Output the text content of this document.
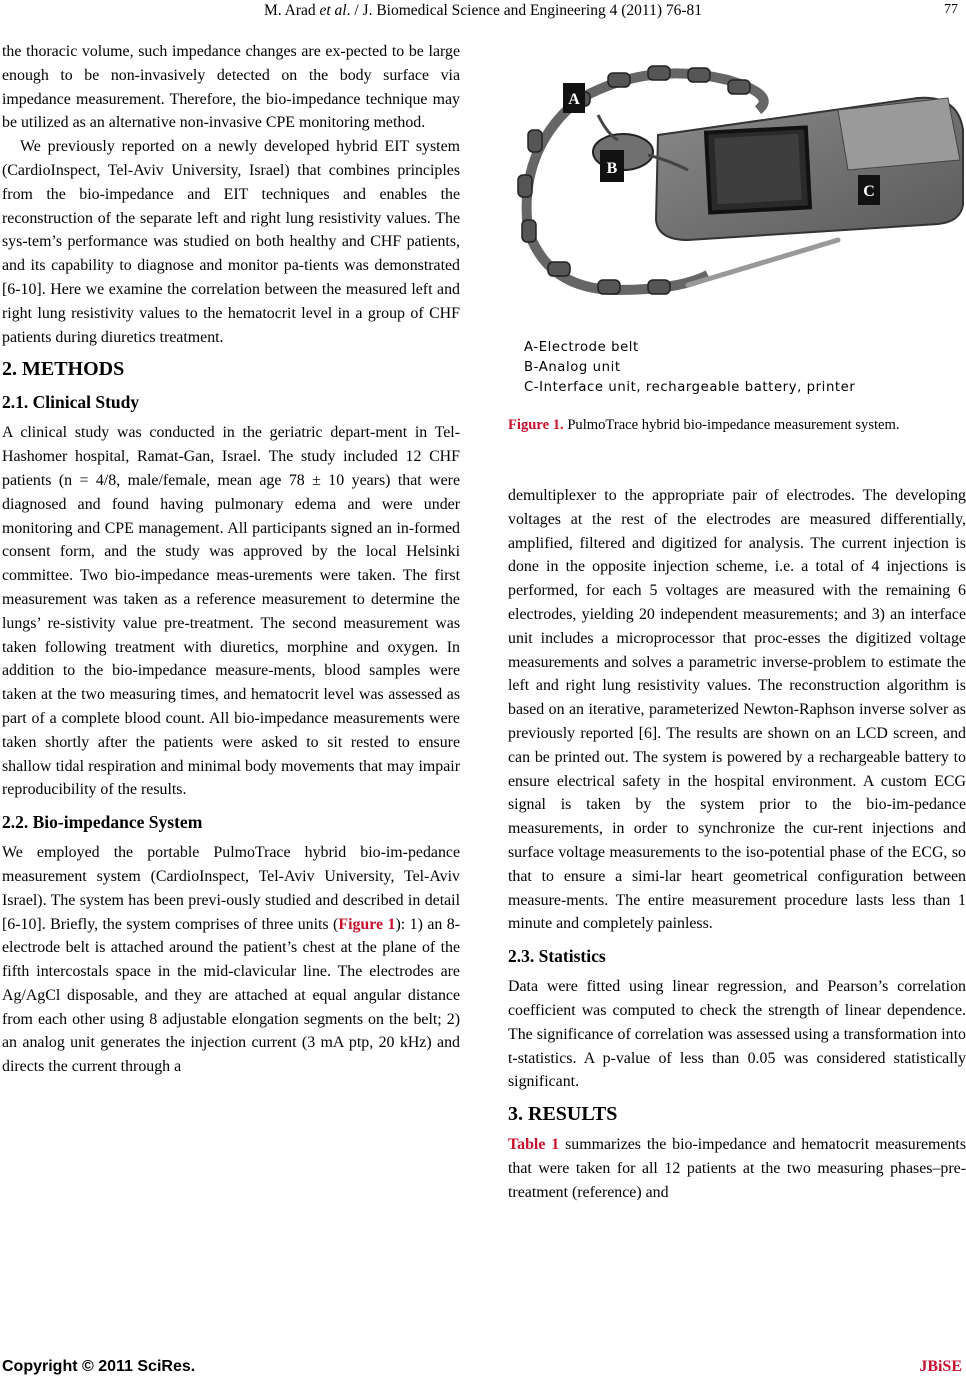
M. Arad et al. / J. Biomedical Science and Engineering 4 (2011) 76-81	77

the thoracic volume, such impedance changes are ex-pected to be large enough to be non-invasively detected on the body surface via impedance measurement. Therefore, the bio-impedance technique may be utilized as an alternative non-invasive CPE monitoring method.

We previously reported on a newly developed hybrid EIT system (CardioInspect, Tel-Aviv University, Israel) that combines principles from the bio-impedance and EIT techniques and enables the reconstruction of the separate left and right lung resistivity values. The sys-tem’s performance was studied on both healthy and CHF patients, and its capability to diagnose and monitor pa-tients was demonstrated [6-10]. Here we examine the correlation between the measured left and right lung resistivity values to the hematocrit level in a group of CHF patients during diuretics treatment.

2. METHODS
2.1. Clinical Study

A clinical study was conducted in the geriatric depart-ment in Tel-Hashomer hospital, Ramat-Gan, Israel. The study included 12 CHF patients (n = 4/8, male/female, mean age 78 ± 10 years) that were diagnosed and found having pulmonary edema and were under monitoring and CPE management. All participants signed an in-formed consent form, and the study was approved by the local Helsinki committee. Two bio-impedance meas-urements were taken. The first measurement was taken as a reference measurement to determine the lungs’ re-sistivity value pre-treatment. The second measurement was taken following treatment with diuretics, morphine and oxygen. In addition to the bio-impedance measure-ments, blood samples were taken at the two measuring times, and hematocrit level was assessed as part of a complete blood count. All bio-impedance measurements were taken shortly after the patients were asked to sit rested to ensure shallow tidal respiration and minimal body movements that may impair reproducibility of the results.

2.2. Bio-impedance System

We employed the portable PulmoTrace hybrid bio-im-pedance measurement system (CardioInspect, Tel-Aviv University, Tel-Aviv Israel). The system has been previ-ously studied and described in detail [6-10]. Briefly, the system comprises of three units (Figure 1): 1) an 8-electrode belt is attached around the patient’s chest at the plane of the fifth intercostals space in the mid-clavicular line. The electrodes are Ag/AgCl disposable, and they are attached at equal angular distance from each other using 8 adjustable elongation segments on the belt; 2) an analog unit generates the injection current (3 mA ptp, 20 kHz) and directs the current through a

A
B
C
A-Electrode belt
B-Analog unit
C-Interface unit, rechargeable battery, printer
Figure 1. PulmoTrace hybrid bio-impedance measurement system.

demultiplexer to the appropriate pair of electrodes. The developing voltages at the rest of the electrodes are measured differentially, amplified, filtered and digitized for analysis. The current injection is done in the opposite injection scheme, i.e. a total of 4 injections is performed, for each 5 voltages are measured with the remaining 6 electrodes, yielding 20 independent measurements; and 3) an interface unit includes a microprocessor that proc-esses the digitized voltage measurements and solves a parametric inverse-problem to estimate the left and right lung resistivity values. The reconstruction algorithm is based on an iterative, parameterized Newton-Raphson inverse solver as previously reported [6]. The results are shown on an LCD screen, and can be printed out. The system is powered by a rechargeable battery to ensure electrical safety in the hospital environment. A custom ECG signal is taken by the system prior to the bio-im-pedance measurements, in order to synchronize the cur-rent injections and surface voltage measurements to the iso-potential phase of the ECG, so that to ensure a simi-lar heart geometrical configuration between measure-ments. The entire measurement procedure lasts less than 1 minute and completely painless.

2.3. Statistics

Data were fitted using linear regression, and Pearson’s correlation coefficient was computed to check the strength of linear dependence. The significance of correlation was assessed using a transformation into t-statistics. A p-value of less than 0.05 was considered statistically significant.

3. RESULTS

Table 1 summarizes the bio-impedance and hematocrit measurements that were taken for all 12 patients at the two measuring phases–pre-treatment (reference) and

Copyright © 2011 SciRes.	JBiSE
